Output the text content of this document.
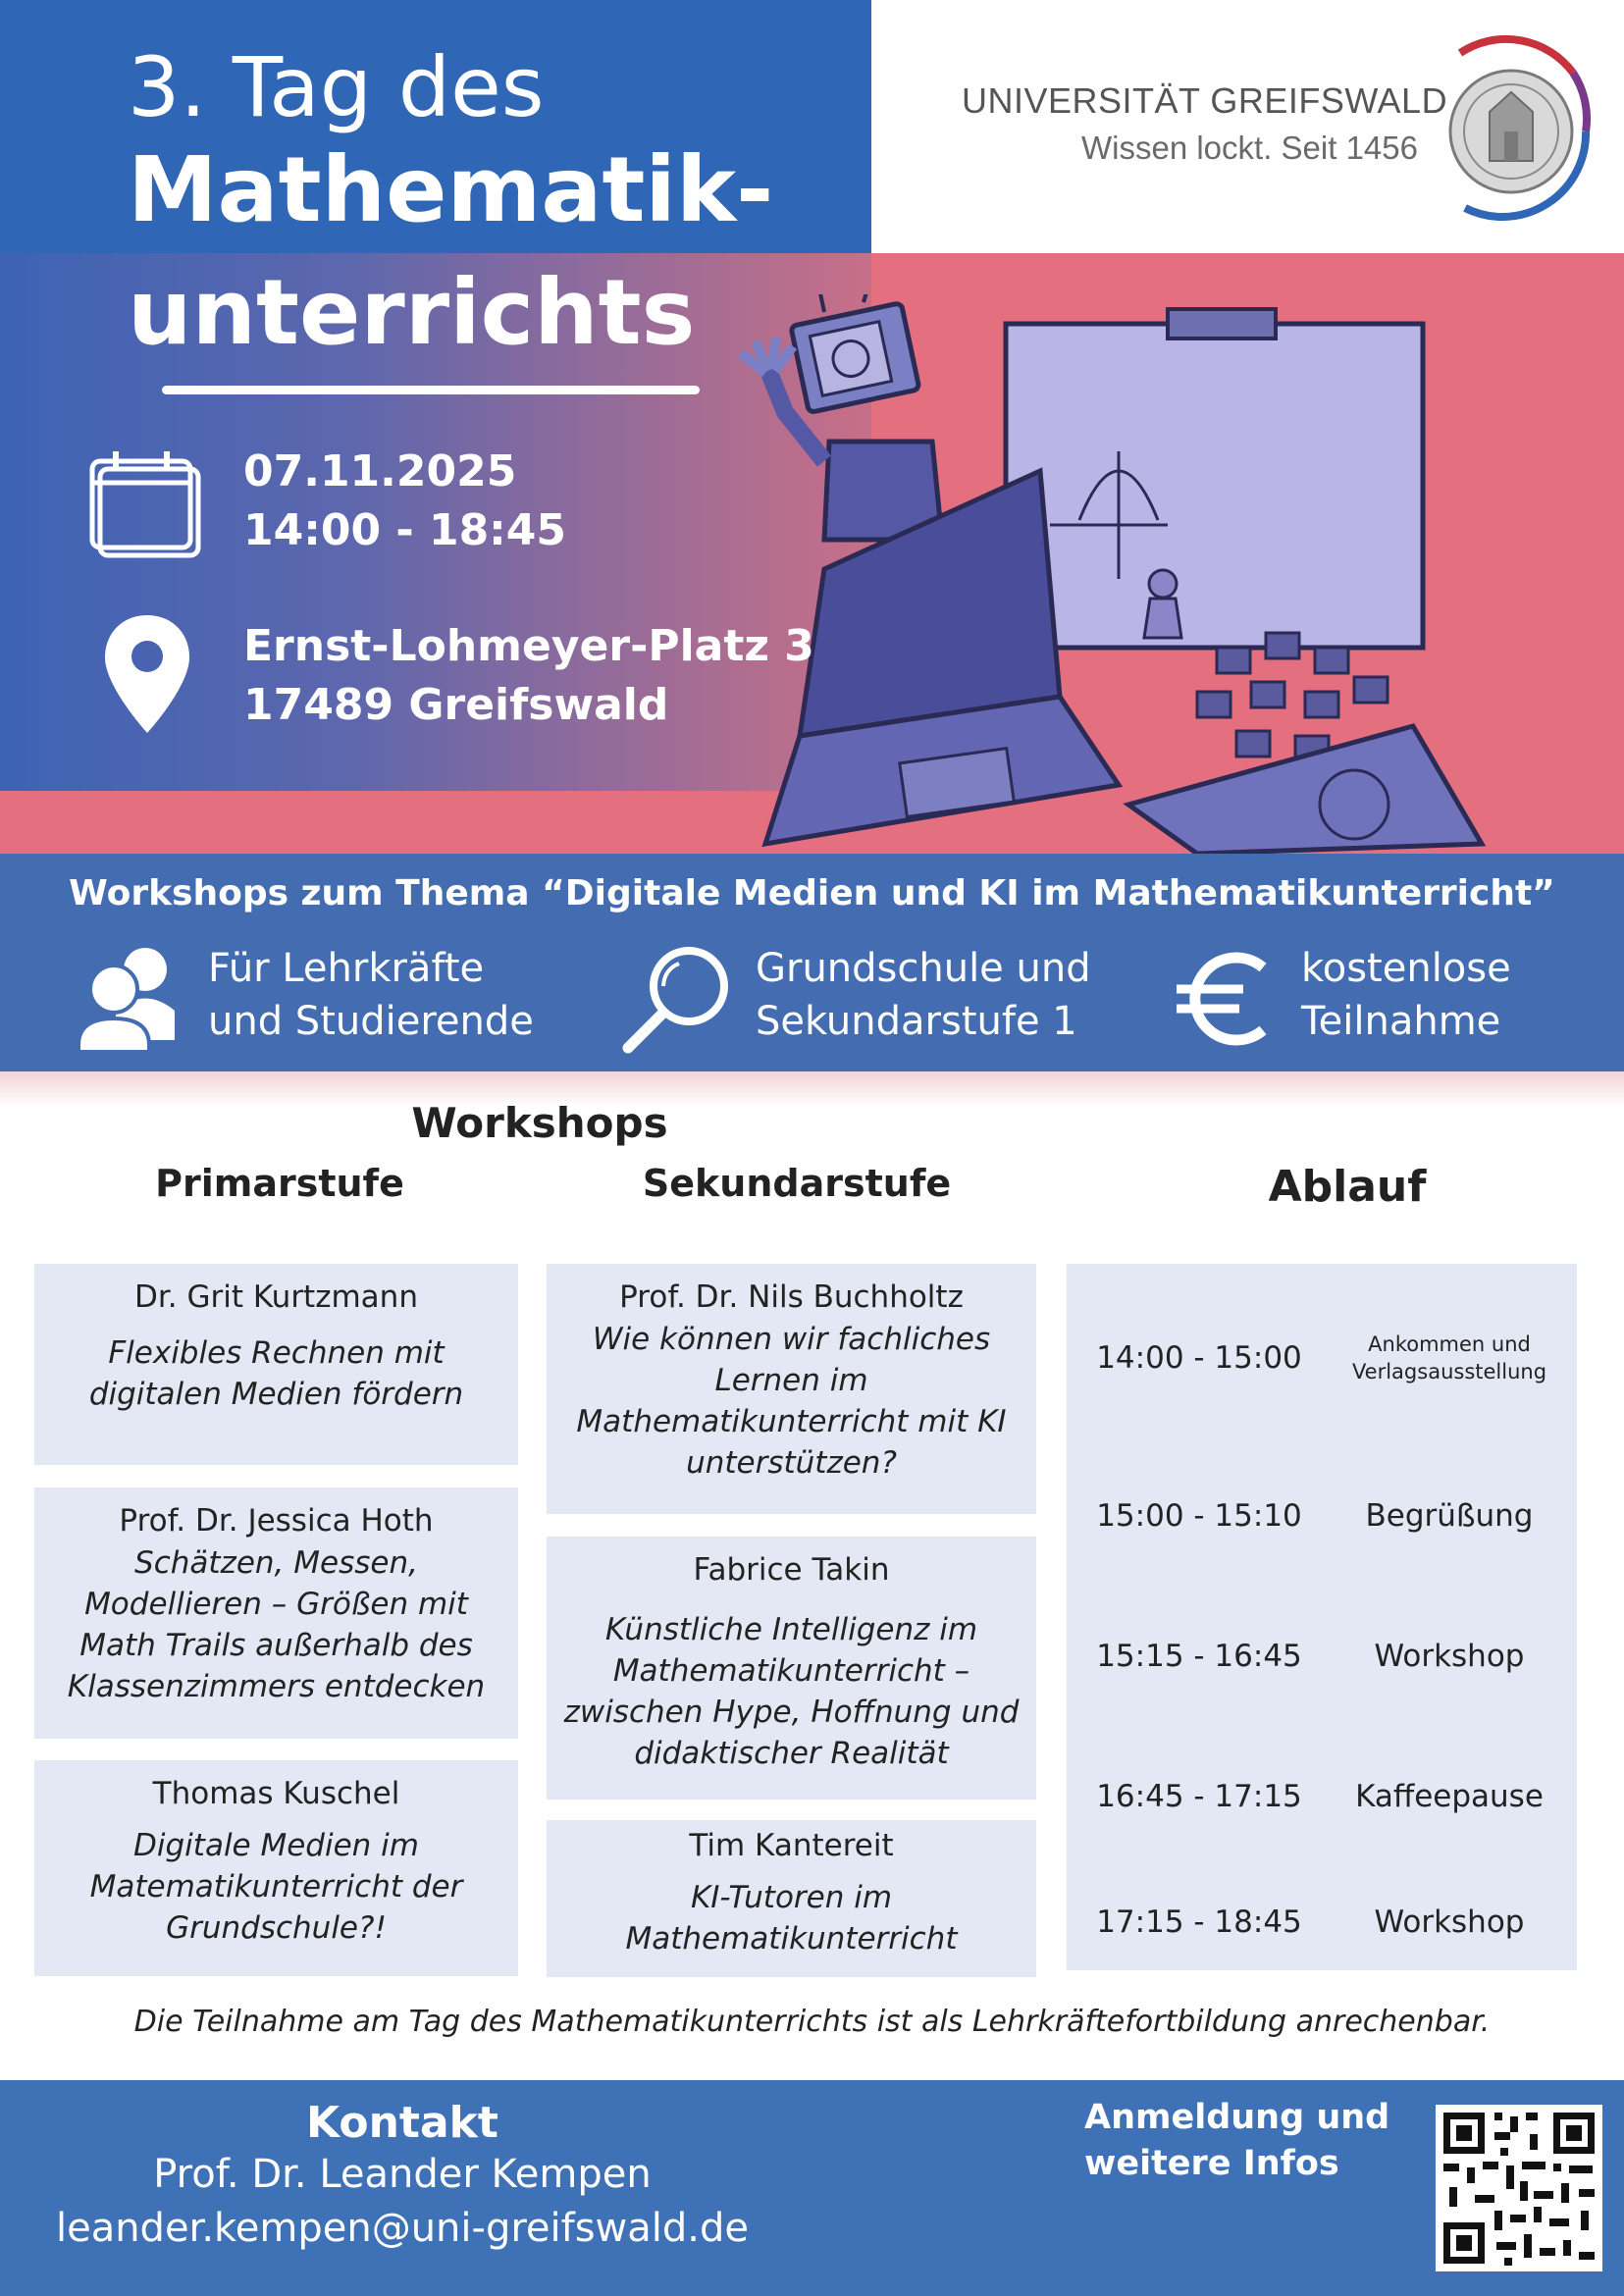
3. Tag des
Mathematik-
unterrichts
07.11.2025
14:00 - 18:45
Ernst-Lohmeyer-Platz 3
17489 Greifswald
UNIVERSITÄT GREIFSWALD
Wissen lockt. Seit 1456
Workshops zum Thema “Digitale Medien und KI im Mathematikunterricht”
Für Lehrkräfte
und Studierende
Grundschule und
Sekundarstufe 1
kostenlose
Teilnahme
Workshops
Primarstufe	Sekundarstufe	Ablauf
Dr. Grit Kurtzmann
Flexibles Rechnen mit
digitalen Medien fördern
Prof. Dr. Jessica Hoth
Schätzen, Messen,
Modellieren – Größen mit
Math Trails außerhalb des
Klassenzimmers entdecken
Thomas Kuschel
Digitale Medien im
Matematikunterricht der
Grundschule?!
Prof. Dr. Nils Buchholtz
Wie können wir fachliches
Lernen im
Mathematikunterricht mit KI
unterstützen?
Fabrice Takin
Künstliche Intelligenz im
Mathematikunterricht –
zwischen Hype, Hoffnung und
didaktischer Realität
Tim Kantereit
KI-Tutoren im
Mathematikunterricht
14:00 - 15:00	Ankommen und
Verlagsausstellung
15:00 - 15:10	Begrüßung
15:15 - 16:45	Workshop
16:45 - 17:15	Kaffeepause
17:15 - 18:45	Workshop
Die Teilnahme am Tag des Mathematikunterrichts ist als Lehrkräftefortbildung anrechenbar.
Kontakt
Prof. Dr. Leander Kempen
leander.kempen@uni-greifswald.de
Anmeldung und
weitere Infos
